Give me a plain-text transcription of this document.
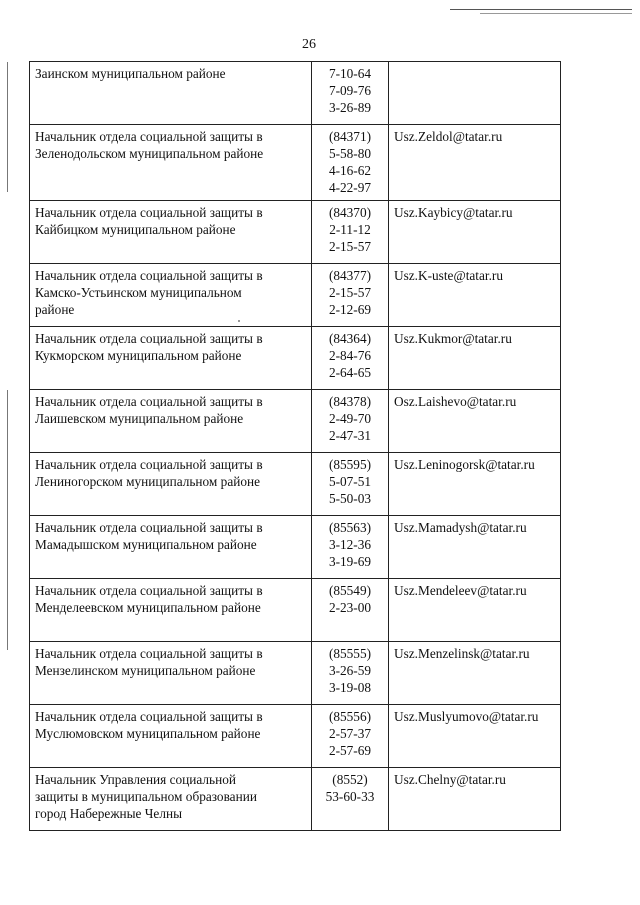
26
Заинском муниципальном районе	7-10-64
7-09-76
3-26-89	

Начальник отдела социальной защиты в
Зеленодольском муниципальном районе	(84371)
5-58-80
4-16-62
4-22-97	Usz.Zeldol@tatar.ru

Начальник отдела социальной защиты в
Кайбицком муниципальном районе	(84370)
2-11-12
2-15-57	Usz.Kaybicy@tatar.ru

Начальник отдела социальной защиты в
Камско-Устьинском муниципальном
районе	(84377)
2-15-57
2-12-69	Usz.K-uste@tatar.ru

Начальник отдела социальной защиты в
Кукморском муниципальном районе	(84364)
2-84-76
2-64-65	Usz.Kukmor@tatar.ru

Начальник отдела социальной защиты в
Лаишевском муниципальном районе	(84378)
2-49-70
2-47-31	Osz.Laishevo@tatar.ru

Начальник отдела социальной защиты в
Лениногорском муниципальном районе	(85595)
5-07-51
5-50-03	Usz.Leninogorsk@tatar.ru

Начальник отдела социальной защиты в
Мамадышском муниципальном районе	(85563)
3-12-36
3-19-69	Usz.Mamadysh@tatar.ru

Начальник отдела социальной защиты в
Менделеевском муниципальном районе	(85549)
2-23-00	Usz.Mendeleev@tatar.ru

Начальник отдела социальной защиты в
Мензелинском муниципальном районе	(85555)
3-26-59
3-19-08	Usz.Menzelinsk@tatar.ru

Начальник отдела социальной защиты в
Муслюмовском муниципальном районе	(85556)
2-57-37
2-57-69	Usz.Muslyumovo@tatar.ru

Начальник Управления социальной
защиты в муниципальном образовании
город Набережные Челны	(8552)
53-60-33	Usz.Chelny@tatar.ru
